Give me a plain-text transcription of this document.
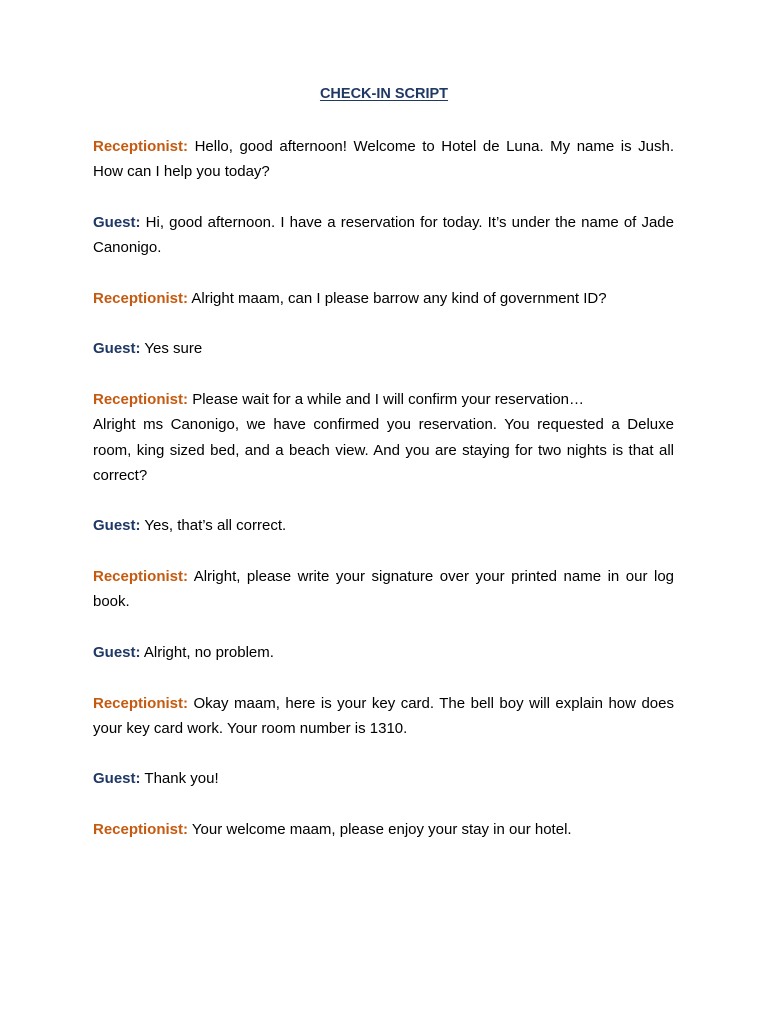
CHECK-IN SCRIPT

Receptionist: Hello, good afternoon! Welcome to Hotel de Luna. My name is Jush. How can I help you today?

Guest: Hi, good afternoon. I have a reservation for today. It’s under the name of Jade Canonigo.

Receptionist: Alright maam, can I please barrow any kind of government ID?

Guest: Yes sure

Receptionist: Please wait for a while and I will confirm your reservation…
Alright ms Canonigo, we have confirmed you reservation. You requested a Deluxe room, king sized bed, and a beach view. And you are staying for two nights is that all correct?

Guest: Yes, that’s all correct.

Receptionist: Alright, please write your signature over your printed name in our log book.

Guest: Alright, no problem.

Receptionist: Okay maam, here is your key card. The bell boy will explain how does your key card work. Your room number is 1310.

Guest: Thank you!

Receptionist: Your welcome maam, please enjoy your stay in our hotel.
